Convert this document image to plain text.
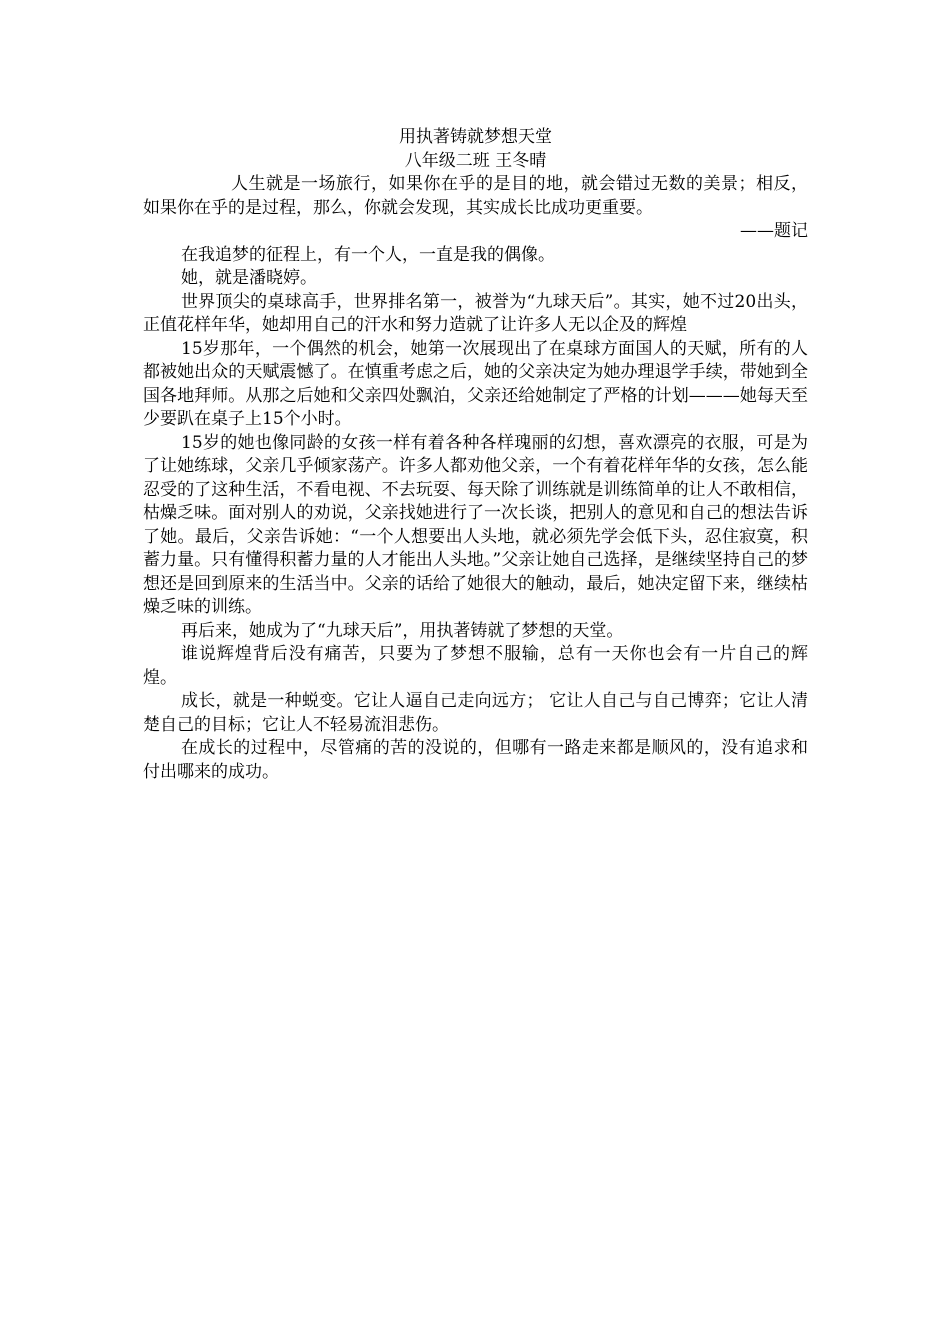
用执著铸就梦想天堂

八年级二班 王冬晴

人生就是一场旅行，如果你在乎的是目的地，就会错过无数的美景；相反，如果你在乎的是过程，那么，你就会发现，其实成长比成功更重要。

——题记

在我追梦的征程上，有一个人，一直是我的偶像。

她，就是潘晓婷。

世界顶尖的桌球高手，世界排名第一，被誉为“九球天后”。其实，她不过20出头，正值花样年华，她却用自己的汗水和努力造就了让许多人无以企及的辉煌

15岁那年，一个偶然的机会，她第一次展现出了在桌球方面国人的天赋，所有的人都被她出众的天赋震憾了。在慎重考虑之后，她的父亲决定为她办理退学手续，带她到全国各地拜师。从那之后她和父亲四处飘泊，父亲还给她制定了严格的计划———她每天至少要趴在桌子上15个小时。

15岁的她也像同龄的女孩一样有着各种各样瑰丽的幻想，喜欢漂亮的衣服，可是为了让她练球，父亲几乎倾家荡产。许多人都劝他父亲，一个有着花样年华的女孩，怎么能忍受的了这种生活，不看电视、不去玩耍、每天除了训练就是训练简单的让人不敢相信，枯燥乏味。面对别人的劝说，父亲找她进行了一次长谈，把别人的意见和自己的想法告诉了她。最后，父亲告诉她：“一个人想要出人头地，就必须先学会低下头，忍住寂寞，积蓄力量。只有懂得积蓄力量的人才能出人头地。”父亲让她自己选择，是继续坚持自己的梦想还是回到原来的生活当中。父亲的话给了她很大的触动，最后，她决定留下来，继续枯燥乏味的训练。

再后来，她成为了“九球天后”，用执著铸就了梦想的天堂。

谁说辉煌背后没有痛苦，只要为了梦想不服输，总有一天你也会有一片自己的辉煌。

成长，就是一种蜕变。它让人逼自己走向远方； 它让人自己与自己博弈；它让人清楚自己的目标；它让人不轻易流泪悲伤。

在成长的过程中，尽管痛的苦的没说的，但哪有一路走来都是顺风的，没有追求和付出哪来的成功。
